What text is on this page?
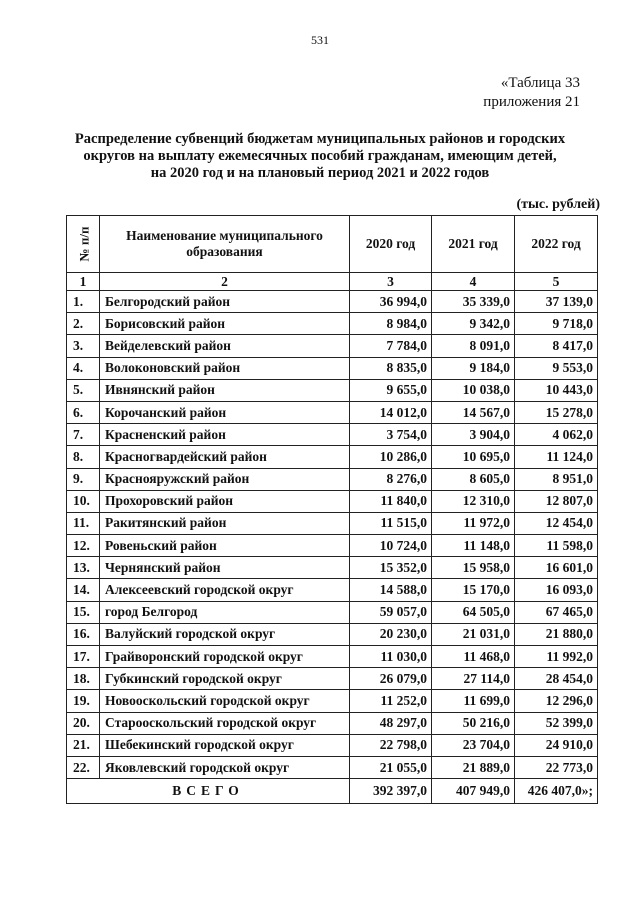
531
«Таблица 33
приложения 21
Распределение субвенций бюджетам муниципальных районов и городских
округов на выплату ежемесячных пособий гражданам, имеющим детей,
на 2020 год и на плановый период 2021 и 2022 годов
(тыс. рублей)
№ п/п	Наименование муниципального
образования	2020 год	2021 год	2022 год
1	2	3	4	5
1.	Белгородский район	36 994,0	35 339,0	37 139,0
2.	Борисовский район	8 984,0	9 342,0	9 718,0
3.	Вейделевский район	7 784,0	8 091,0	8 417,0
4.	Волоконовский район	8 835,0	9 184,0	9 553,0
5.	Ивнянский район	9 655,0	10 038,0	10 443,0
6.	Корочанский район	14 012,0	14 567,0	15 278,0
7.	Красненский район	3 754,0	3 904,0	4 062,0
8.	Красногвардейский район	10 286,0	10 695,0	11 124,0
9.	Краснояружский район	8 276,0	8 605,0	8 951,0
10.	Прохоровский район	11 840,0	12 310,0	12 807,0
11.	Ракитянский район	11 515,0	11 972,0	12 454,0
12.	Ровеньский район	10 724,0	11 148,0	11 598,0
13.	Чернянский район	15 352,0	15 958,0	16 601,0
14.	Алексеевский городской округ	14 588,0	15 170,0	16 093,0
15.	город Белгород	59 057,0	64 505,0	67 465,0
16.	Валуйский городской округ	20 230,0	21 031,0	21 880,0
17.	Грайворонский городской округ	11 030,0	11 468,0	11 992,0
18.	Губкинский городской округ	26 079,0	27 114,0	28 454,0
19.	Новооскольский городской округ	11 252,0	11 699,0	12 296,0
20.	Старооскольский городской округ	48 297,0	50 216,0	52 399,0
21.	Шебекинский городской округ	22 798,0	23 704,0	24 910,0
22.	Яковлевский городской округ	21 055,0	21 889,0	22 773,0
ВСЕГО		392 397,0	407 949,0	426 407,0»;
